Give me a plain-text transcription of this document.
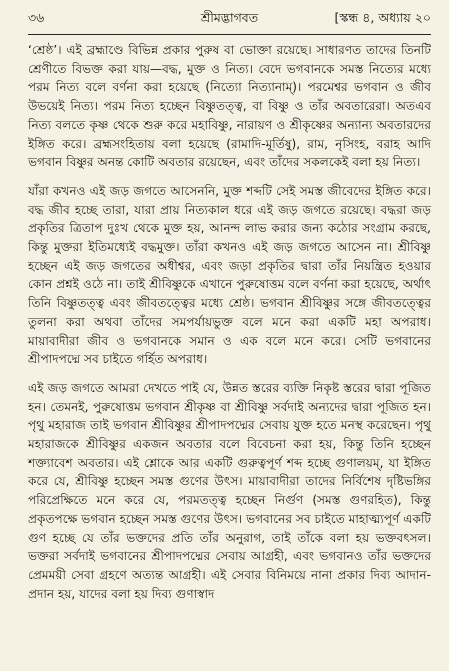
৩৬	শ্রীমদ্ভাগবত	[স্কন্ধ ৪, অধ্যায় ২০

‘শ্রেষ্ঠ’। এই ব্রহ্মাণ্ডে বিভিন্ন প্রকার পুরুষ বা ভোক্তা রয়েছে। সাধারণত তাদের তিনটি শ্রেণীতে বিভক্ত করা যায়—বদ্ধ, মুক্ত ও নিত্য। বেদে ভগবানকে সমস্ত নিত্যের মধ্যে পরম নিত্য বলে বর্ণনা করা হয়েছে (নিত্যো নিত্যানাম্)। পরমেশ্বর ভগবান ও জীব উভয়েই নিত্য। পরম নিত্য হচ্ছেন বিষ্ণুতত্ত্ব, বা বিষ্ণু ও তাঁর অবতারেরা। অতএব নিত্য বলতে কৃষ্ণ থেকে শুরু করে মহাবিষ্ণু, নারায়ণ ও শ্রীকৃষ্ণের অন্যান্য অবতারদের ইঙ্গিত করে। ব্রহ্মসংহিতায় বলা হয়েছে (রামাদি-মূর্তিষু), রাম, নৃসিংহ, বরাহ আদি ভগবান বিষ্ণুর অনন্ত কোটি অবতার রয়েছেন, এবং তাঁদের সকলকেই বলা হয় নিত্য।

যাঁরা কখনও এই জড় জগতে আসেননি, মুক্ত শব্দটি সেই সমস্ত জীবেদের ইঙ্গিত করে। বদ্ধ জীব হচ্ছে তারা, যারা প্রায় নিত্যকাল ধরে এই জড় জগতে রয়েছে। বদ্ধরা জড় প্রকৃতির ত্রিতাপ দুঃখ থেকে মুক্ত হয়, আনন্দ লাভ করার জন্য কঠোর সংগ্রাম করছে, কিন্তু মুক্তরা ইতিমধ্যেই বদ্ধমুক্ত। তাঁরা কখনও এই জড় জগতে আসেন না। শ্রীবিষ্ণু হচ্ছেন এই জড় জগতের অধীশ্বর, এবং জড়া প্রকৃতির দ্বারা তাঁর নিয়ন্ত্রিত হওয়ার কোন প্রশ্নই ওঠে না। তাই শ্রীবিষ্ণুকে এখানে পুরুষোত্তম বলে বর্ণনা করা হয়েছে, অর্থাৎ তিনি বিষ্ণুতত্ত্ব এবং জীবতত্ত্বের মধ্যে শ্রেষ্ঠ। ভগবান শ্রীবিষ্ণুর সঙ্গে জীবতত্ত্বের তুলনা করা অথবা তাঁদের সমপর্যায়ভুক্ত বলে মনে করা একটি মহা অপরাধ। মায়াবাদীরা জীব ও ভগবানকে সমান ও এক বলে মনে করে। সেটি ভগবানের শ্রীপাদপদ্মে সব চাইতে গর্হিত অপরাধ।

এই জড় জগতে আমরা দেখতে পাই যে, উন্নত স্তরের ব্যক্তি নিকৃষ্ট স্তরের দ্বারা পূজিত হন। তেমনই, পুরুষোত্তম ভগবান শ্রীকৃষ্ণ বা শ্রীবিষ্ণু সর্বদাই অন্যদের দ্বারা পূজিত হন। পৃথু মহারাজ তাই ভগবান শ্রীবিষ্ণুর শ্রীপাদপদ্মের সেবায় যুক্ত হতে মনস্থ করেছেন। পৃথু মহারাজকে শ্রীবিষ্ণুর একজন অবতার বলে বিবেচনা করা হয়, কিন্তু তিনি হচ্ছেন শক্ত্যাবেশ অবতার। এই শ্লোকে আর একটি গুরুত্বপূর্ণ শব্দ হচ্ছে গুণালয়ম্, যা ইঙ্গিত করে যে, শ্রীবিষ্ণু হচ্ছেন সমস্ত গুণের উৎস। মায়াবাদীরা তাদের নির্বিশেষ দৃষ্টিভঙ্গির পরিপ্রেক্ষিতে মনে করে যে, পরমতত্ত্ব হচ্ছেন নির্গুণ (সমস্ত গুণরহিত), কিন্তু প্রকৃতপক্ষে ভগবান হচ্ছেন সমস্ত গুণের উৎস। ভগবানের সব চাইতে মাহাত্ম্যপূর্ণ একটি গুণ হচ্ছে যে তাঁর ভক্তদের প্রতি তাঁর অনুরাগ, তাই তাঁকে বলা হয় ভক্তবৎসল। ভক্তরা সর্বদাই ভগবানের শ্রীপাদপদ্মের সেবায় আগ্রহী, এবং ভগবানও তাঁর ভক্তদের প্রেমময়ী সেবা গ্রহণে অত্যন্ত আগ্রহী। এই সেবার বিনিময়ে নানা প্রকার দিব্য আদান-প্রদান হয়, যাদের বলা হয় দিব্য গুণাস্বাদ
